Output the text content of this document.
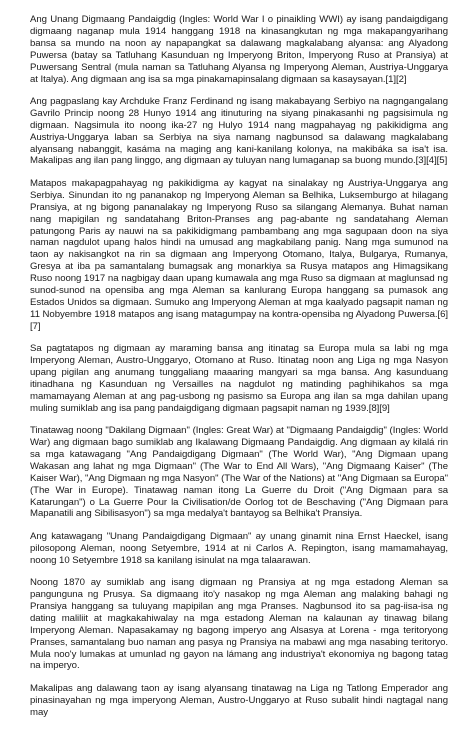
Ang Unang Digmaang Pandaigdig (Ingles: World War I o pinaikling WWI) ay isang pandaigdigang digmaang naganap mula 1914 hanggang 1918 na kinasangkutan ng mga makapangyarihang bansa sa mundo na noon ay napapangkat sa dalawang magkalabang alyansa: ang Alyadong Puwersa (batay sa Tatluhang Kasunduan ng Imperyong Briton, Imperyong Ruso at Pransiya) at Puwersang Sentral (mula naman sa Tatluhang Alyansa ng Imperyong Aleman, Austriya-Unggarya at Italya). Ang digmaan ang isa sa mga pinakamapinsalang digmaan sa kasaysayan.[1][2]

Ang pagpaslang kay Archduke Franz Ferdinand ng isang makabayang Serbiyo na nagngangalang Gavrilo Princip noong 28 Hunyo 1914 ang itinuturing na siyang pinakasanhi ng pagsisimula ng digmaan. Nagsimula ito noong ika-27 ng Hulyo 1914 nang magpahayag ng pakikidigma ang Austriya-Unggarya laban sa Serbiya na siya namang nagbunsod sa dalawang magkalabang alyansang nabanggit, kasáma na maging ang kani-kanilang kolonya, na makibáka sa isa't isa. Makalipas ang ilan pang linggo, ang digmaan ay tuluyan nang lumaganap sa buong mundo.[3][4][5]

Matapos makapagpahayag ng pakikidigma ay kagyat na sinalakay ng Austriya-Unggarya ang Serbiya. Sinundan ito ng pananakop ng Imperyong Aleman sa Belhika, Luksemburgo at hilagang Pransiya, at ng bigong pananalakay ng Imperyong Ruso sa silangang Alemanya. Buhat naman nang mapigilan ng sandatahang Briton-Pranses ang pag-abante ng sandatahang Aleman patungong Paris ay nauwi na sa pakikidigmang pambambang ang mga sagupaan doon na siya naman nagdulot upang halos hindi na umusad ang magkabilang panig. Nang mga sumunod na taon ay nakisangkot na rin sa digmaan ang Imperyong Otomano, Italya, Bulgarya, Rumanya, Gresya at iba pa samantalang bumagsak ang monarkiya sa Rusya matapos ang Himagsikang Ruso noong 1917 na nagbigay daan upang kumawala ang mga Ruso sa digmaan at maglunsad ng sunod-sunod na opensiba ang mga Aleman sa kanlurang Europa hanggang sa pumasok ang Estados Unidos sa digmaan. Sumuko ang Imperyong Aleman at mga kaalyado pagsapit naman ng 11 Nobyembre 1918 matapos ang isang matagumpay na kontra-opensiba ng Alyadong Puwersa.[6][7]

Sa pagtatapos ng digmaan ay maraming bansa ang itinatag sa Europa mula sa labi ng mga Imperyong Aleman, Austro-Unggaryo, Otomano at Ruso. Itinatag noon ang Liga ng mga Nasyon upang pigilan ang anumang tunggaliang maaaring mangyari sa mga bansa. Ang kasunduang itinadhana ng Kasunduan ng Versailles na nagdulot ng matinding paghihikahos sa mga mamamayang Aleman at ang pag-usbong ng pasismo sa Europa ang ilan sa mga dahilan upang muling sumiklab ang isa pang pandaigdigang digmaan pagsapit naman ng 1939.[8][9]

Tinatawag noong "Dakilang Digmaan" (Ingles: Great War) at "Digmaang Pandaigdig" (Ingles: World War) ang digmaan bago sumiklab ang Ikalawang Digmaang Pandaigdig. Ang digmaan ay kilalá rin sa mga katawagang "Ang Pandaigdigang Digmaan" (The World War), "Ang Digmaan upang Wakasan ang lahat ng mga Digmaan" (The War to End All Wars), "Ang Digmaang Kaiser" (The Kaiser War), "Ang Digmaan ng mga Nasyon" (The War of the Nations) at "Ang Digmaan sa Europa" (The War in Europe). Tinatawag naman itong La Guerre du Droit ("Ang Digmaan para sa Katarungan") o La Guerre Pour la Civilisation/de Oorlog tot de Beschaving ("Ang Digmaan para Mapanatili ang Sibilisasyon") sa mga medalya't bantayog sa Belhika't Pransiya.

Ang katawagang "Unang Pandaigdigang Digmaan" ay unang ginamit nina Ernst Haeckel, isang pilosopong Aleman, noong Setyembre, 1914 at ni Carlos A. Repington, isang mamamahayag, noong 10 Setyembre 1918 sa kanilang isinulat na mga talaarawan.

Noong 1870 ay sumiklab ang isang digmaan ng Pransiya at ng mga estadong Aleman sa pangunguna ng Prusya. Sa digmaang ito'y nasakop ng mga Aleman ang malaking bahagi ng Pransiya hanggang sa tuluyang mapipilan ang mga Pranses. Nagbunsod ito sa pag-iisa-isa ng dating maliliit at magkakahiwalay na mga estadong Aleman na kalaunan ay tinawag bilang Imperyong Aleman. Napasakamay ng bagong imperyo ang Alsasya at Lorena - mga teritoryong Pranses, samantalang buo naman ang pasya ng Pransiya na mabawi ang mga nasabing teritoryo. Mula noo'y lumakas at umunlad ng gayon na lámang ang industriya't ekonomiya ng bagong tatag na imperyo.

Makalipas ang dalawang taon ay isang alyansang tinatawag na Liga ng Tatlong Emperador ang pinasinayahan ng mga imperyong Aleman, Austro-Unggaryo at Ruso subalit hindi nagtagal nang may
